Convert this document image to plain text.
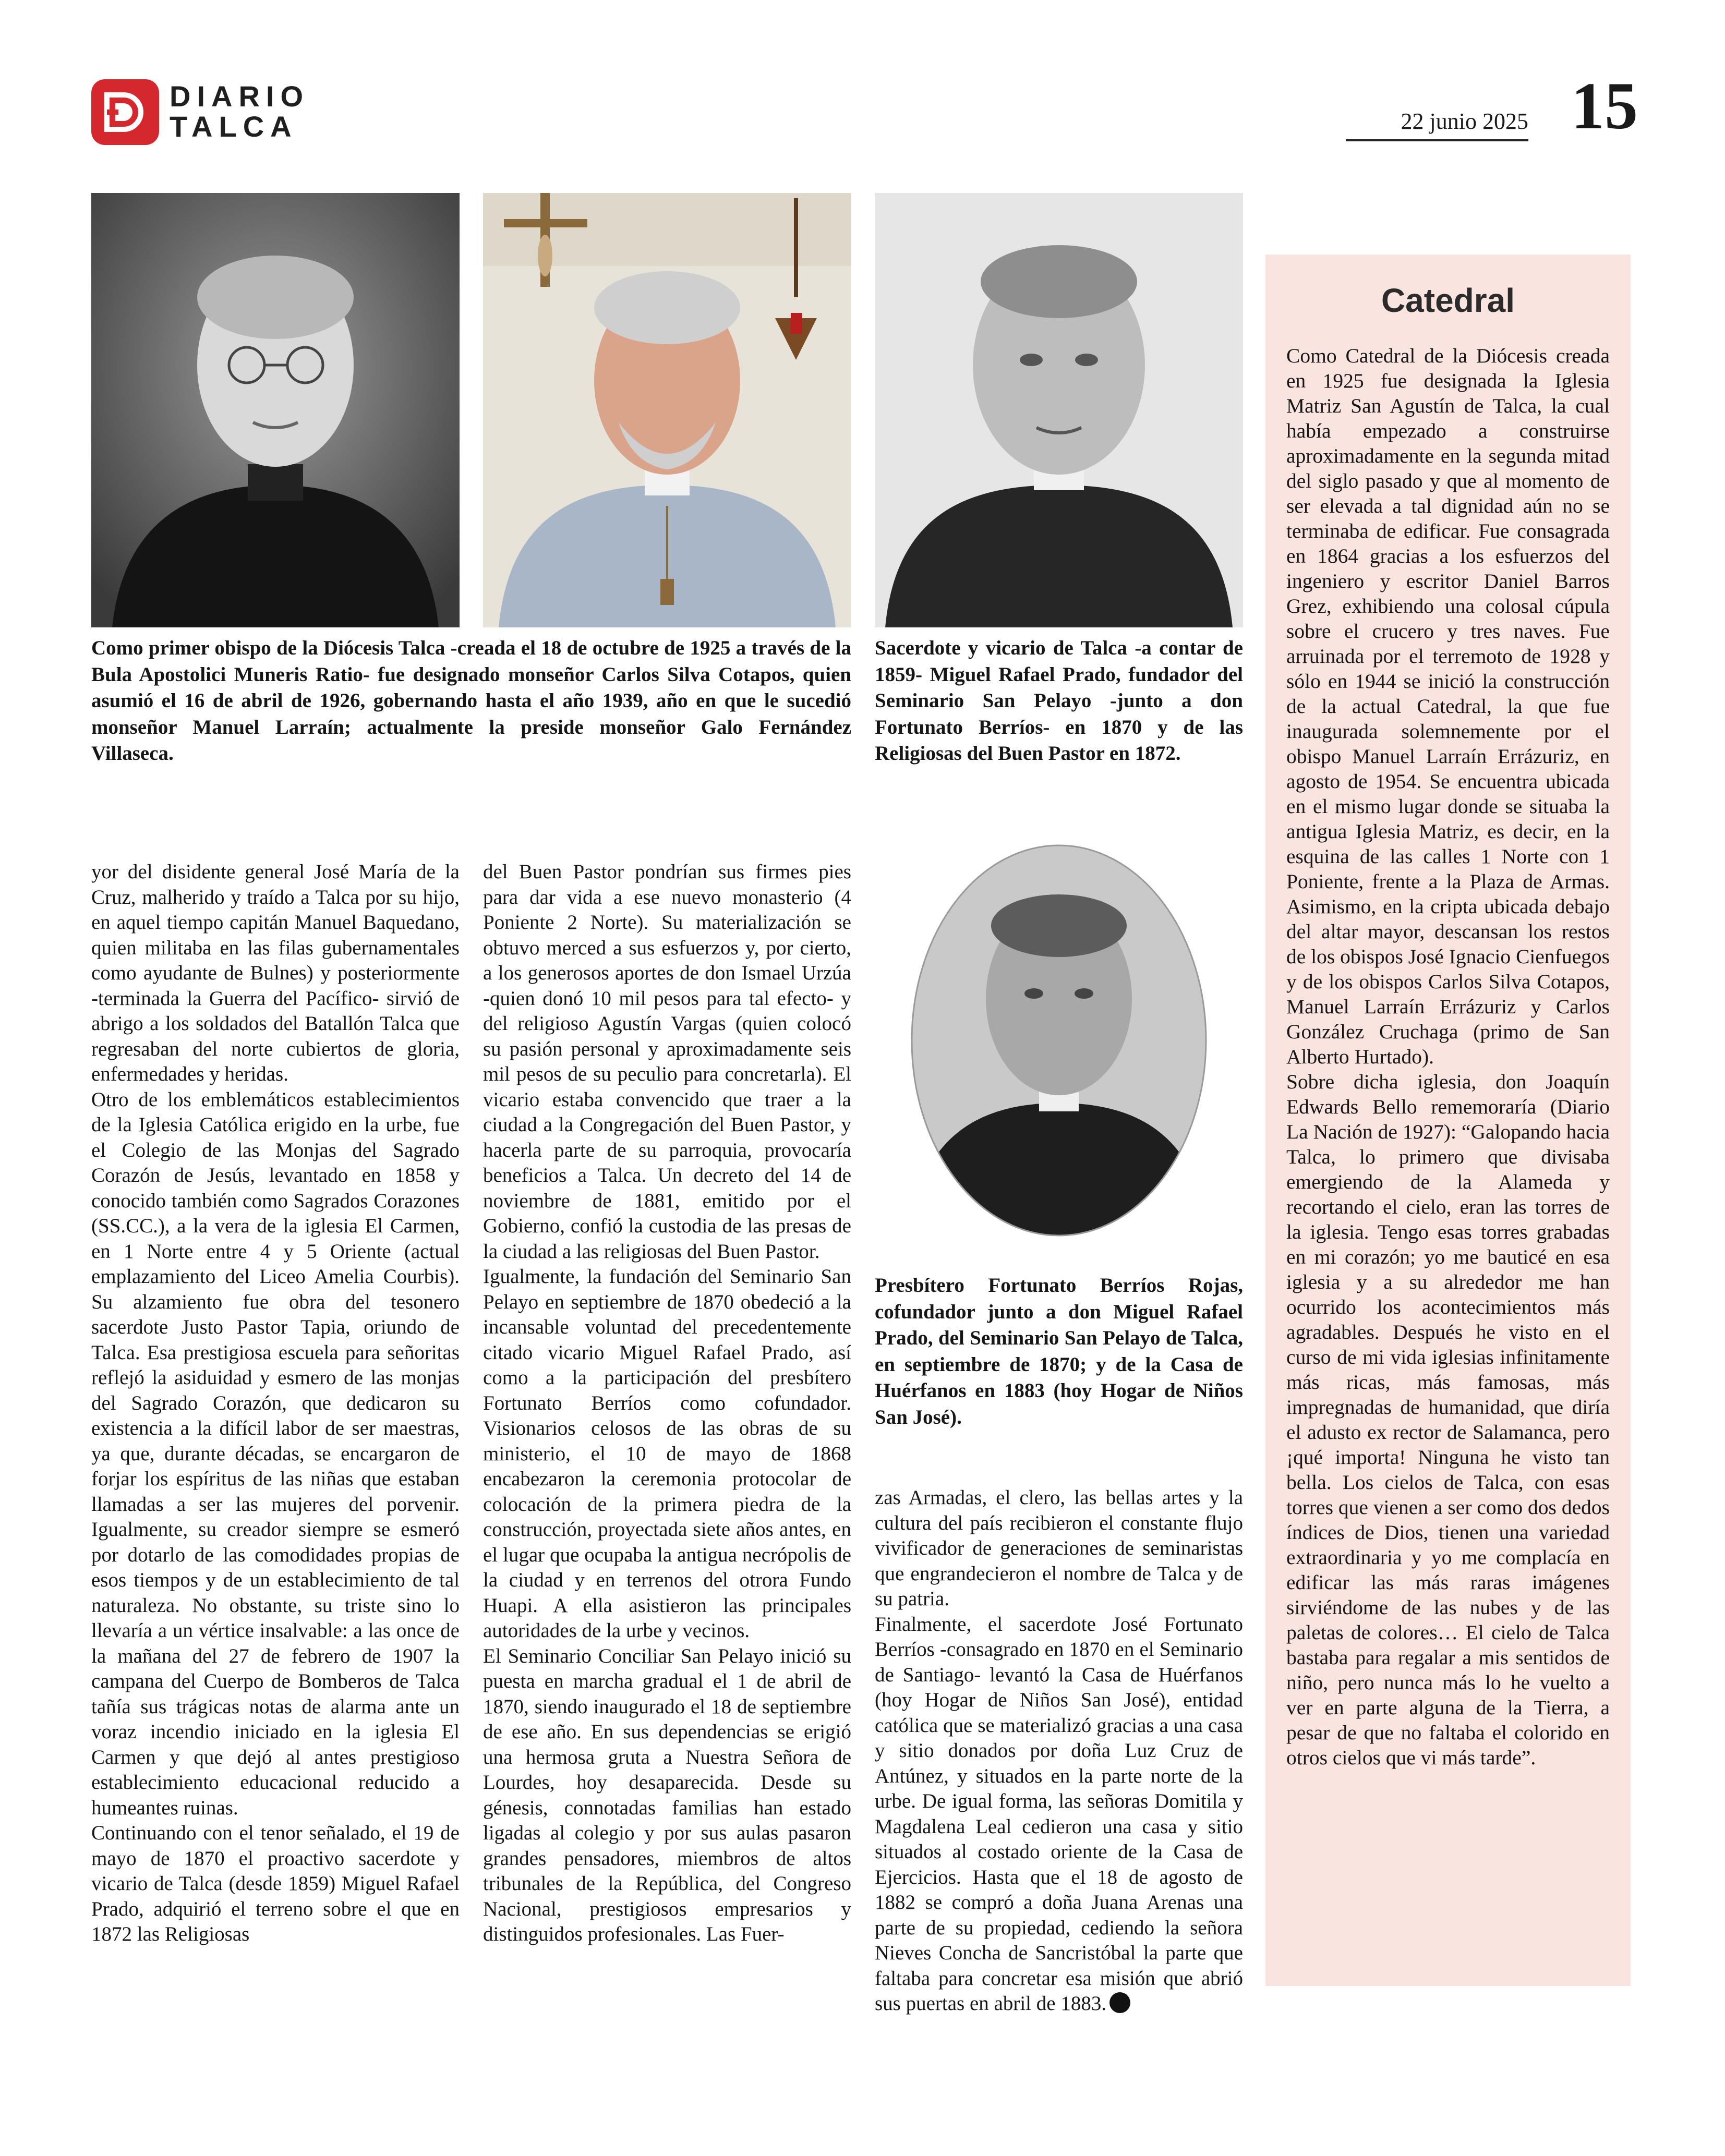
DIARIO
TALCA	22 junio 2025 15
Como primer obispo de la Diócesis Talca -creada el 18 de octubre de 1925 a través de la Bula Apostolici Muneris Ratio- fue designado monseñor Carlos Silva Cotapos, quien asumió el 16 de abril de 1926, gobernando hasta el año 1939, año en que le sucedió monseñor Manuel Larraín; actualmente la preside monseñor Galo Fernández Villaseca.
Sacerdote y vicario de Talca -a contar de 1859- Miguel Rafael Prado, fundador del Seminario San Pelayo -junto a don Fortunato Berríos- en 1870 y de las Religiosas del Buen Pastor en 1872.
Presbítero Fortunato Berríos Rojas, cofundador junto a don Miguel Rafael Prado, del Seminario San Pelayo de Talca, en septiembre de 1870; y de la Casa de Huérfanos en 1883 (hoy Hogar de Niños San José).

yor del disidente general José María de la Cruz, malherido y traído a Talca por su hijo, en aquel tiempo capitán Manuel Baquedano, quien militaba en las filas gubernamentales como ayudante de Bulnes) y posteriormente -terminada la Guerra del Pacífico- sirvió de abrigo a los soldados del Batallón Talca que regresaban del norte cubiertos de gloria, enfermedades y heridas.

Otro de los emblemáticos establecimientos de la Iglesia Católica erigido en la urbe, fue el Colegio de las Monjas del Sagrado Corazón de Jesús, levantado en 1858 y conocido también como Sagrados Corazones (SS.CC.), a la vera de la iglesia El Carmen, en 1 Norte entre 4 y 5 Oriente (actual emplazamiento del Liceo Amelia Courbis). Su alzamiento fue obra del tesonero sacerdote Justo Pastor Tapia, oriundo de Talca. Esa prestigiosa escuela para señoritas reflejó la asiduidad y esmero de las monjas del Sagrado Corazón, que dedicaron su existencia a la difícil labor de ser maestras, ya que, durante décadas, se encargaron de forjar los espíritus de las niñas que estaban llamadas a ser las mujeres del porvenir. Igualmente, su creador siempre se esmeró por dotarlo de las comodidades propias de esos tiempos y de un establecimiento de tal naturaleza. No obstante, su triste sino lo llevaría a un vértice insalvable: a las once de la mañana del 27 de febrero de 1907 la campana del Cuerpo de Bomberos de Talca tañía sus trágicas notas de alarma ante un voraz incendio iniciado en la iglesia El Carmen y que dejó al antes prestigioso establecimiento educacional reducido a humeantes ruinas.

Continuando con el tenor señalado, el 19 de mayo de 1870 el proactivo sacerdote y vicario de Talca (desde 1859) Miguel Rafael Prado, adquirió el terreno sobre el que en 1872 las Religiosas

del Buen Pastor pondrían sus firmes pies para dar vida a ese nuevo monasterio (4 Poniente 2 Norte). Su materialización se obtuvo merced a sus esfuerzos y, por cierto, a los generosos aportes de don Ismael Urzúa -quien donó 10 mil pesos para tal efecto- y del religioso Agustín Vargas (quien colocó su pasión personal y aproximadamente seis mil pesos de su peculio para concretarla). El vicario estaba convencido que traer a la ciudad a la Congregación del Buen Pastor, y hacerla parte de su parroquia, provocaría beneficios a Talca. Un decreto del 14 de noviembre de 1881, emitido por el Gobierno, confió la custodia de las presas de la ciudad a las religiosas del Buen Pastor.

Igualmente, la fundación del Seminario San Pelayo en septiembre de 1870 obedeció a la incansable voluntad del precedentemente citado vicario Miguel Rafael Prado, así como a la participación del presbítero Fortunato Berríos como cofundador. Visionarios celosos de las obras de su ministerio, el 10 de mayo de 1868 encabezaron la ceremonia protocolar de colocación de la primera piedra de la construcción, proyectada siete años antes, en el lugar que ocupaba la antigua necrópolis de la ciudad y en terrenos del otrora Fundo Huapi. A ella asistieron las principales autoridades de la urbe y vecinos.

El Seminario Conciliar San Pelayo inició su puesta en marcha gradual el 1 de abril de 1870, siendo inaugurado el 18 de septiembre de ese año. En sus dependencias se erigió una hermosa gruta a Nuestra Señora de Lourdes, hoy desaparecida. Desde su génesis, connotadas familias han estado ligadas al colegio y por sus aulas pasaron grandes pensadores, miembros de altos tribunales de la República, del Congreso Nacional, prestigiosos empresarios y distinguidos profesionales. Las Fuer-

zas Armadas, el clero, las bellas artes y la cultura del país recibieron el constante flujo vivificador de generaciones de seminaristas que engrandecieron el nombre de Talca y de su patria.

Finalmente, el sacerdote José Fortunato Berríos -consagrado en 1870 en el Seminario de Santiago- levantó la Casa de Huérfanos (hoy Hogar de Niños San José), entidad católica que se materializó gracias a una casa y sitio donados por doña Luz Cruz de Antúnez, y situados en la parte norte de la urbe. De igual forma, las señoras Domitila y Magdalena Leal cedieron una casa y sitio situados al costado oriente de la Casa de Ejercicios. Hasta que el 18 de agosto de 1882 se compró a doña Juana Arenas una parte de su propiedad, cediendo la señora Nieves Concha de Sancristóbal la parte que faltaba para concretar esa misión que abrió sus puertas en abril de 1883.

Catedral

Como Catedral de la Diócesis creada en 1925 fue designada la Iglesia Matriz San Agustín de Talca, la cual había empezado a construirse aproximadamente en la segunda mitad del siglo pasado y que al momento de ser elevada a tal dignidad aún no se terminaba de edificar. Fue consagrada en 1864 gracias a los esfuerzos del ingeniero y escritor Daniel Barros Grez, exhibiendo una colosal cúpula sobre el crucero y tres naves. Fue arruinada por el terremoto de 1928 y sólo en 1944 se inició la construcción de la actual Catedral, la que fue inaugurada solemnemente por el obispo Manuel Larraín Errázuriz, en agosto de 1954. Se encuentra ubicada en el mismo lugar donde se situaba la antigua Iglesia Matriz, es decir, en la esquina de las calles 1 Norte con 1 Poniente, frente a la Plaza de Armas. Asimismo, en la cripta ubicada debajo del altar mayor, descansan los restos de los obispos José Ignacio Cienfuegos y de los obispos Carlos Silva Cotapos, Manuel Larraín Errázuriz y Carlos González Cruchaga (primo de San Alberto Hurtado).

Sobre dicha iglesia, don Joaquín Edwards Bello rememoraría (Diario La Nación de 1927): “Galopando hacia Talca, lo primero que divisaba emergiendo de la Alameda y recortando el cielo, eran las torres de la iglesia. Tengo esas torres grabadas en mi corazón; yo me bauticé en esa iglesia y a su alrededor me han ocurrido los acontecimientos más agradables. Después he visto en el curso de mi vida iglesias infinitamente más ricas, más famosas, más impregnadas de humanidad, que diría el adusto ex rector de Salamanca, pero ¡qué importa! Ninguna he visto tan bella. Los cielos de Talca, con esas torres que vienen a ser como dos dedos índices de Dios, tienen una variedad extraordinaria y yo me complacía en edificar las más raras imágenes sirviéndome de las nubes y de las paletas de colores… El cielo de Talca bastaba para regalar a mis sentidos de niño, pero nunca más lo he vuelto a ver en parte alguna de la Tierra, a pesar de que no faltaba el colorido en otros cielos que vi más tarde”.
